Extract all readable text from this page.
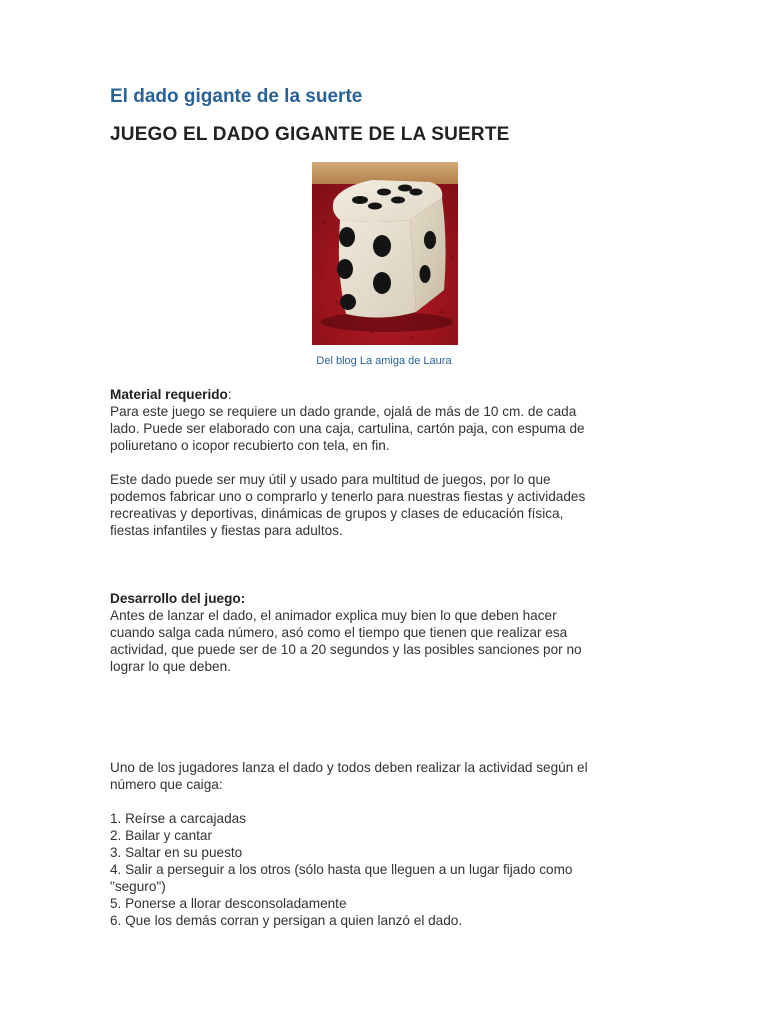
El dado gigante de la suerte
JUEGO EL DADO GIGANTE DE LA SUERTE
Del blog La amiga de Laura
Material requerido:
Para este juego se requiere un dado grande, ojalá de más de 10 cm. de cada
lado. Puede ser elaborado con una caja, cartulina, cartón paja, con espuma de
poliuretano o icopor recubierto con tela, en fin.
Este dado puede ser muy útil y usado para multitud de juegos, por lo que
podemos fabricar uno o comprarlo y tenerlo para nuestras fiestas y actividades
recreativas y deportivas, dinámicas de grupos y clases de educación física,
fiestas infantiles y fiestas para adultos.
Desarrollo del juego:
Antes de lanzar el dado, el animador explica muy bien lo que deben hacer
cuando salga cada número, asó como el tiempo que tienen que realizar esa
actividad, que puede ser de 10 a 20 segundos y las posibles sanciones por no
lograr lo que deben.
Uno de los jugadores lanza el dado y todos deben realizar la actividad según el
número que caiga:
1. Reírse a carcajadas
2. Bailar y cantar
3. Saltar en su puesto
4. Salir a perseguir a los otros (sólo hasta que lleguen a un lugar fijado como
"seguro")
5. Ponerse a llorar desconsoladamente
6. Que los demás corran y persigan a quien lanzó el dado.
